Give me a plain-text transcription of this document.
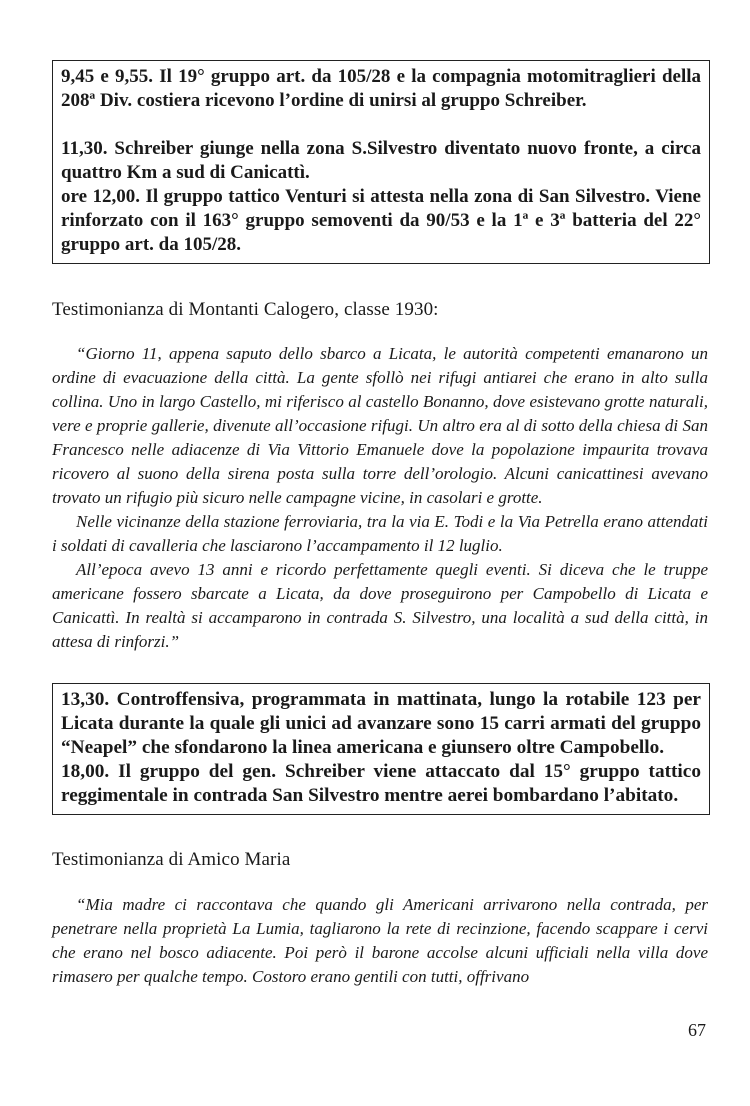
9,45 e 9,55. Il 19° gruppo art. da 105/28 e la compagnia motomitraglieri della 208ª Div. costiera ricevono l’ordine di unirsi al gruppo Schreiber.

11,30. Schreiber giunge nella zona S.Silvestro diventato nuovo fronte, a circa quattro Km a sud di Canicattì.

ore 12,00. Il gruppo tattico Venturi si attesta nella zona di San Silvestro. Viene rinforzato con il 163° gruppo semoventi da 90/53 e la 1ª e 3ª batteria del 22° gruppo art. da 105/28.

Testimonianza di Montanti Calogero, classe 1930:

“Giorno 11, appena saputo dello sbarco a Licata, le autorità competenti emanarono un ordine di evacuazione della città. La gente sfollò nei rifugi antiarei che erano in alto sulla collina. Uno in largo Castello, mi riferisco al castello Bonanno, dove esistevano grotte naturali, vere e proprie gallerie, divenute all’occasione rifugi. Un altro era al di sotto della chiesa di San Francesco nelle adiacenze di Via Vittorio Emanuele dove la popolazione impaurita trovava ricovero al suono della sirena posta sulla torre dell’orologio. Alcuni canicattinesi avevano trovato un rifugio più sicuro nelle campagne vicine, in casolari e grotte.

Nelle vicinanze della stazione ferroviaria, tra la via E. Todi e la Via Petrella erano attendati i soldati di cavalleria che lasciarono l’accampamento il 12 luglio.

All’epoca avevo 13 anni e ricordo perfettamente quegli eventi. Si diceva che le truppe americane fossero sbarcate a Licata, da dove proseguirono per Campobello di Licata e Canicattì. In realtà si accamparono in contrada S. Silvestro, una località a sud della città, in attesa di rinforzi.”

13,30. Controffensiva, programmata in mattinata, lungo la rotabile 123 per Licata durante la quale gli unici ad avanzare sono 15 carri armati del gruppo “Neapel” che sfondarono la linea americana e giunsero oltre Campobello.

18,00. Il gruppo del gen. Schreiber viene attaccato dal 15° gruppo tattico reggimentale in contrada San Silvestro mentre aerei bombardano l’abitato.

Testimonianza di Amico Maria

“Mia madre ci raccontava che quando gli Americani arrivarono nella contrada, per penetrare nella proprietà La Lumia, tagliarono la rete di recinzione, facendo scappare i cervi che erano nel bosco adiacente. Poi però il barone accolse alcuni ufficiali nella villa dove rimasero per qualche tempo. Costoro erano gentili con tutti, offrivano

67
